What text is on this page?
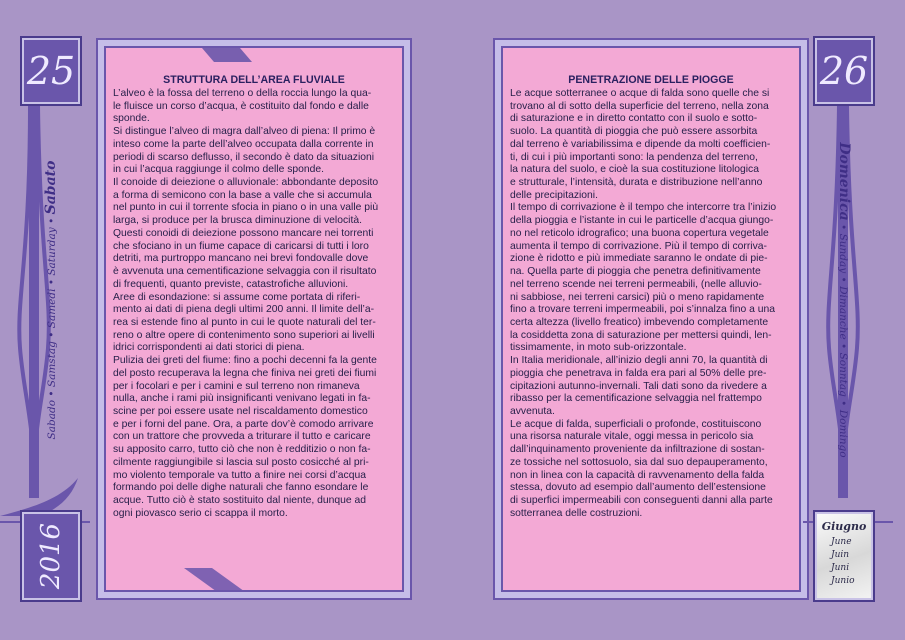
25
Sabado • Samstag • Samedi • Saturday • Sabato
2016
STRUTTURA DELL’AREA FLUVIALE

L’alveo è la fossa del terreno o della roccia lungo la qua-
le fluisce un corso d’acqua, è costituito dal fondo e dalle
sponde.

Si distingue l’alveo di magra dall’alveo di piena: Il primo è
inteso come la parte dell’alveo occupata dalla corrente in
periodi di scarso deflusso, il secondo è dato da situazioni
in cui l’acqua raggiunge il colmo delle sponde.

Il conoide di deiezione o alluvionale: abbondante deposito
a forma di semicono con la base a valle che si accumula
nel punto in cui il torrente sfocia in piano o in una valle più
larga, si produce per la brusca diminuzione di velocità.

Questi conoidi di deiezione possono mancare nei torrenti
che sfociano in un fiume capace di caricarsi di tutti i loro
detriti, ma purtroppo mancano nei brevi fondovalle dove
è avvenuta una cementificazione selvaggia con il risultato
di frequenti, quanto previste, catastrofiche alluvioni.

Aree di esondazione: si assume come portata di riferi-
mento ai dati di piena degli ultimi 200 anni. Il limite dell’a-
rea si estende fino al punto in cui le quote naturali del ter-
reno o altre opere di contenimento sono superiori ai livelli
idrici corrispondenti ai dati storici di piena.

Pulizia dei greti del fiume: fino a pochi decenni fa la gente
del posto recuperava la legna che finiva nei greti dei fiumi
per i focolari e per i camini e sul terreno non rimaneva
nulla, anche i rami più insignificanti venivano legati in fa-
scine per poi essere usate nel riscaldamento domestico
e per i forni del pane. Ora, a parte dov’è comodo arrivare
con un trattore che provveda a triturare il tutto e caricare
su apposito carro, tutto ciò che non è redditizio o non fa-
cilmente raggiungibile si lascia sul posto cosicché al pri-
mo violento temporale va tutto a finire nei corsi d’acqua
formando poi delle dighe naturali che fanno esondare le
acque. Tutto ciò è stato sostituito dal niente, dunque ad
ogni piovasco serio ci scappa il morto.

PENETRAZIONE DELLE PIOGGE

Le acque sotterranee o acque di falda sono quelle che si
trovano al di sotto della superficie del terreno, nella zona
di saturazione e in diretto contatto con il suolo e sotto-
suolo. La quantità di pioggia che può essere assorbita
dal terreno è variabilissima e dipende da molti coefficien-
ti, di cui i più importanti sono: la pendenza del terreno,
la natura del suolo, e cioè la sua costituzione litologica
e strutturale, l’intensità, durata e distribuzione nell’anno
delle precipitazioni.

Il tempo di corrivazione è il tempo che intercorre tra l’inizio
della pioggia e l’istante in cui le particelle d’acqua giungo-
no nel reticolo idrografico; una buona copertura vegetale
aumenta il tempo di corrivazione. Più il tempo di corriva-
zione è ridotto e più immediate saranno le ondate di pie-
na. Quella parte di pioggia che penetra definitivamente
nel terreno scende nei terreni permeabili, (nelle alluvio-
ni sabbiose, nei terreni carsici) più o meno rapidamente
fino a trovare terreni impermeabili, poi s’innalza fino a una
certa altezza (livello freatico) imbevendo completamente
la cosiddetta zona di saturazione per mettersi quindi, len-
tissimamente, in moto sub-orizzontale.

In Italia meridionale, all’inizio degli anni 70, la quantità di
pioggia che penetrava in falda era pari al 50% delle pre-
cipitazioni autunno-invernali. Tali dati sono da rivedere a
ribasso per la cementificazione selvaggia nel frattempo
avvenuta.

Le acque di falda, superficiali o profonde, costituiscono
una risorsa naturale vitale, oggi messa in pericolo sia
dall’inquinamento proveniente da infiltrazione di sostan-
ze tossiche nel sottosuolo, sia dal suo depauperamento,
non in linea con la capacità di ravvenamento della falda
stessa, dovuto ad esempio dall’aumento dell’estensione
di superfici impermeabili con conseguenti danni alla parte
sotterranea delle costruzioni.

26
Domenica • Sunday • Dimanche • Sonntag • Domingo
Giugno
June
Juin
Juni
Junio
